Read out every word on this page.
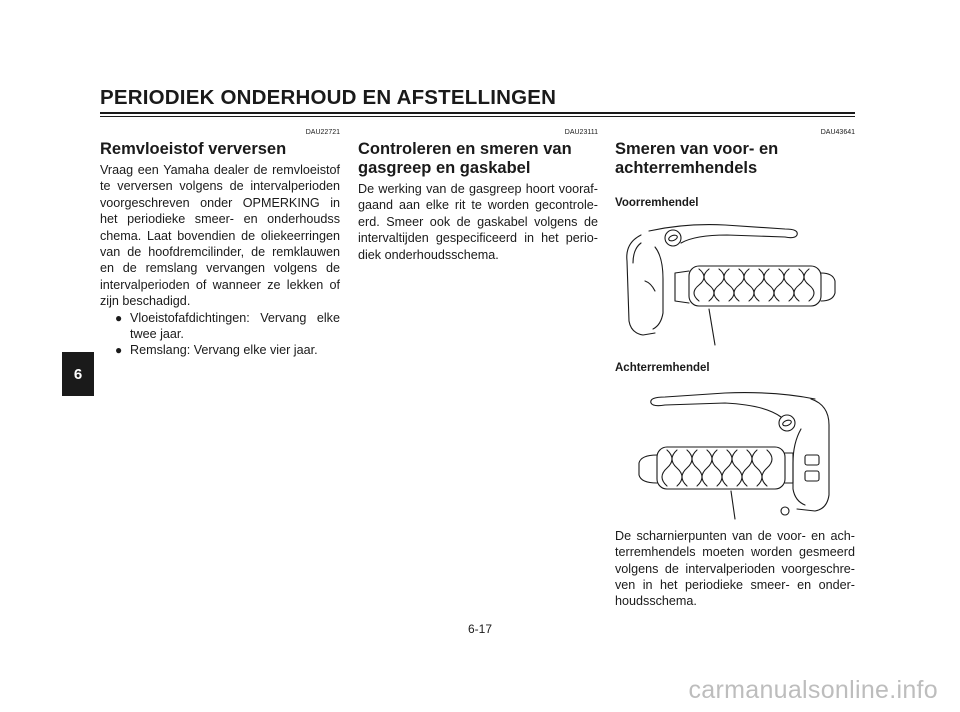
PERIODIEK ONDERHOUD EN AFSTELLINGEN
6
DAU22721
Remvloeistof verversen

Vraag een Yamaha dealer de remvloeistof te verversen volgens de intervalperioden voorgeschreven onder OPMERKING in het periodieke smeer- en onderhoudss chema. Laat bovendien de oliekeerringen van de hoofdremcilinder, de remklauwen en de remslang vervangen volgens de intervalperioden of wanneer ze lekken of zijn beschadigd.

● Vloeistofafdichtingen: Vervang elke twee jaar.
● Remslang: Vervang elke vier jaar.
DAU23111
Controleren en smeren van gasgreep en gaskabel

De werking van de gasgreep hoort vooraf-gaand aan elke rit te worden gecontrole-erd. Smeer ook de gaskabel volgens de intervaltijden gespecificeerd in het perio-diek onderhoudsschema.

DAU43641
Smeren van voor- en achterremhendels

Voorremhendel

Achterremhendel

De scharnierpunten van de voor- en ach-terremhendels moeten worden gesmeerd volgens de intervalperioden voorgeschre-ven in het periodieke smeer- en onder-houdsschema.

6-17
carmanualsonline.info
